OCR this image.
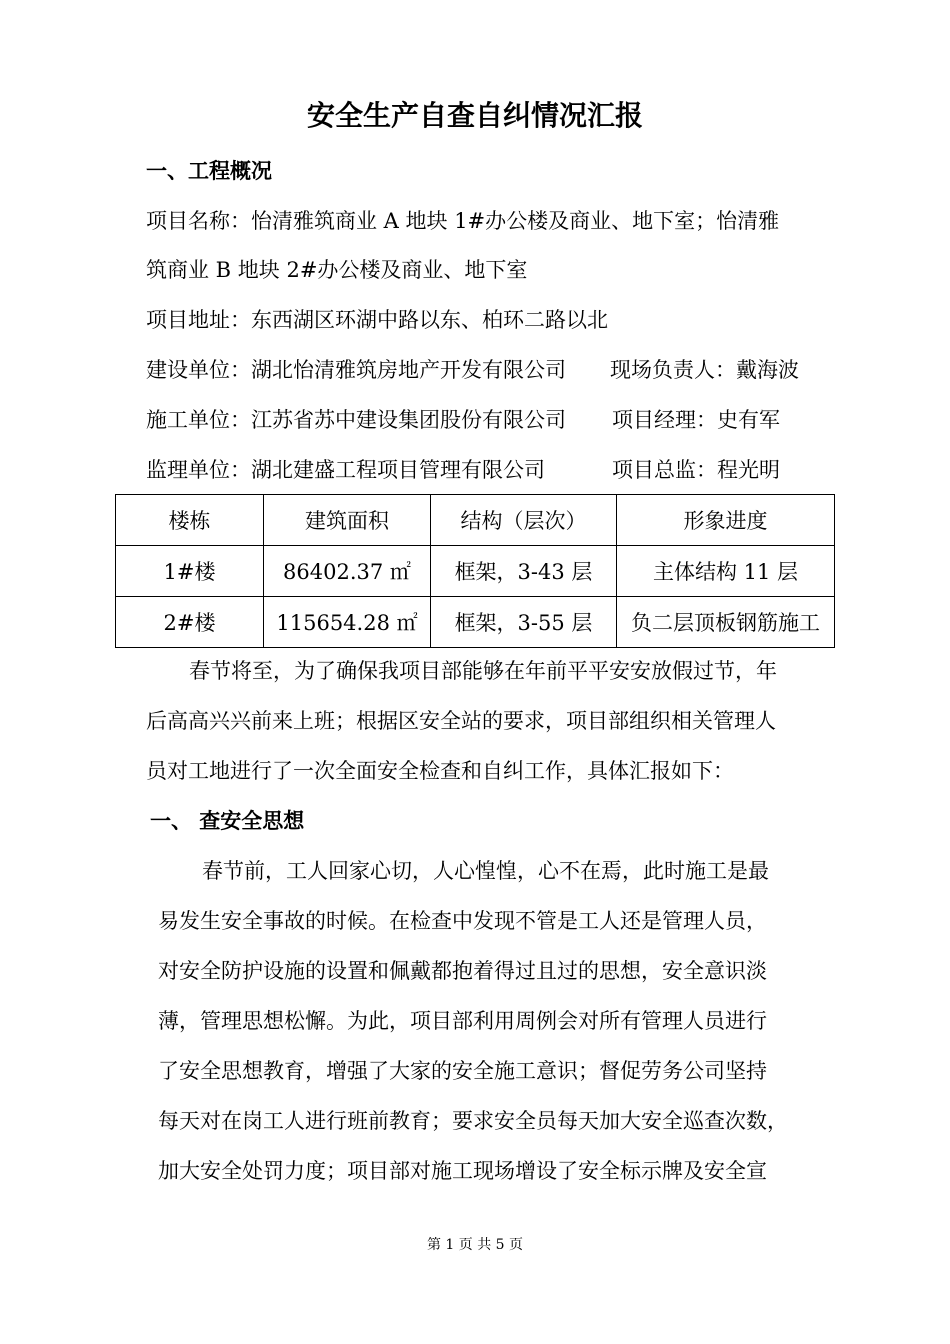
安全生产自查自纠情况汇报
一、工程概况
项目名称：怡清雅筑商业 A 地块 1#办公楼及商业、地下室；怡清雅
筑商业 B 地块 2#办公楼及商业、地下室
项目地址：东西湖区环湖中路以东、柏环二路以北
建设单位：湖北怡清雅筑房地产开发有限公司 现场负责人：戴海波
施工单位：江苏省苏中建设集团股份有限公司 项目经理：史有军
监理单位：湖北建盛工程项目管理有限公司	项目总监：程光明
楼栋	建筑面积	结构（层次）	形象进度
1#楼	86402.37 ㎡	框架，3-43 层	主体结构 11 层
2#楼	115654.28 ㎡	框架，3-55 层	负二层顶板钢筋施工
春节将至，为了确保我项目部能够在年前平平安安放假过节，年
后高高兴兴前来上班；根据区安全站的要求，项目部组织相关管理人
员对工地进行了一次全面安全检查和自纠工作，具体汇报如下：
一、 查安全思想
春节前，工人回家心切，人心惶惶，心不在焉，此时施工是最
易发生安全事故的时候。在检查中发现不管是工人还是管理人员，
对安全防护设施的设置和佩戴都抱着得过且过的思想，安全意识淡
薄，管理思想松懈。为此，项目部利用周例会对所有管理人员进行
了安全思想教育，增强了大家的安全施工意识；督促劳务公司坚持
每天对在岗工人进行班前教育；要求安全员每天加大安全巡查次数，
加大安全处罚力度；项目部对施工现场增设了安全标示牌及安全宣
第 1 页 共 5 页
